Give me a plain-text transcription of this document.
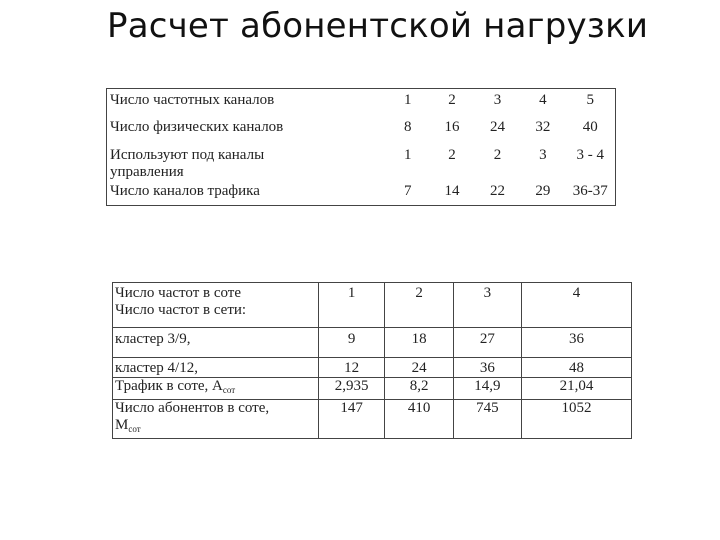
Расчет абонентской нагрузки
Число частотных каналов	1	2	3	4	5
Число физических каналов	8	16	24	32	40

Используют под каналы
управления	1	2	2	3	3 - 4
Число каналов трафика	7	14	22	29	36-37
Число частот в соте
Число частот в сети:	1	2	3	4
кластер 3/9,	9	18	27	36
кластер 4/12,	12	24	36	48
Трафик в соте, $A_{сот}$	2,935	8,2	14,9	21,04

Число абонентов в соте,
$M_{сот}$	147	410	745	1052
